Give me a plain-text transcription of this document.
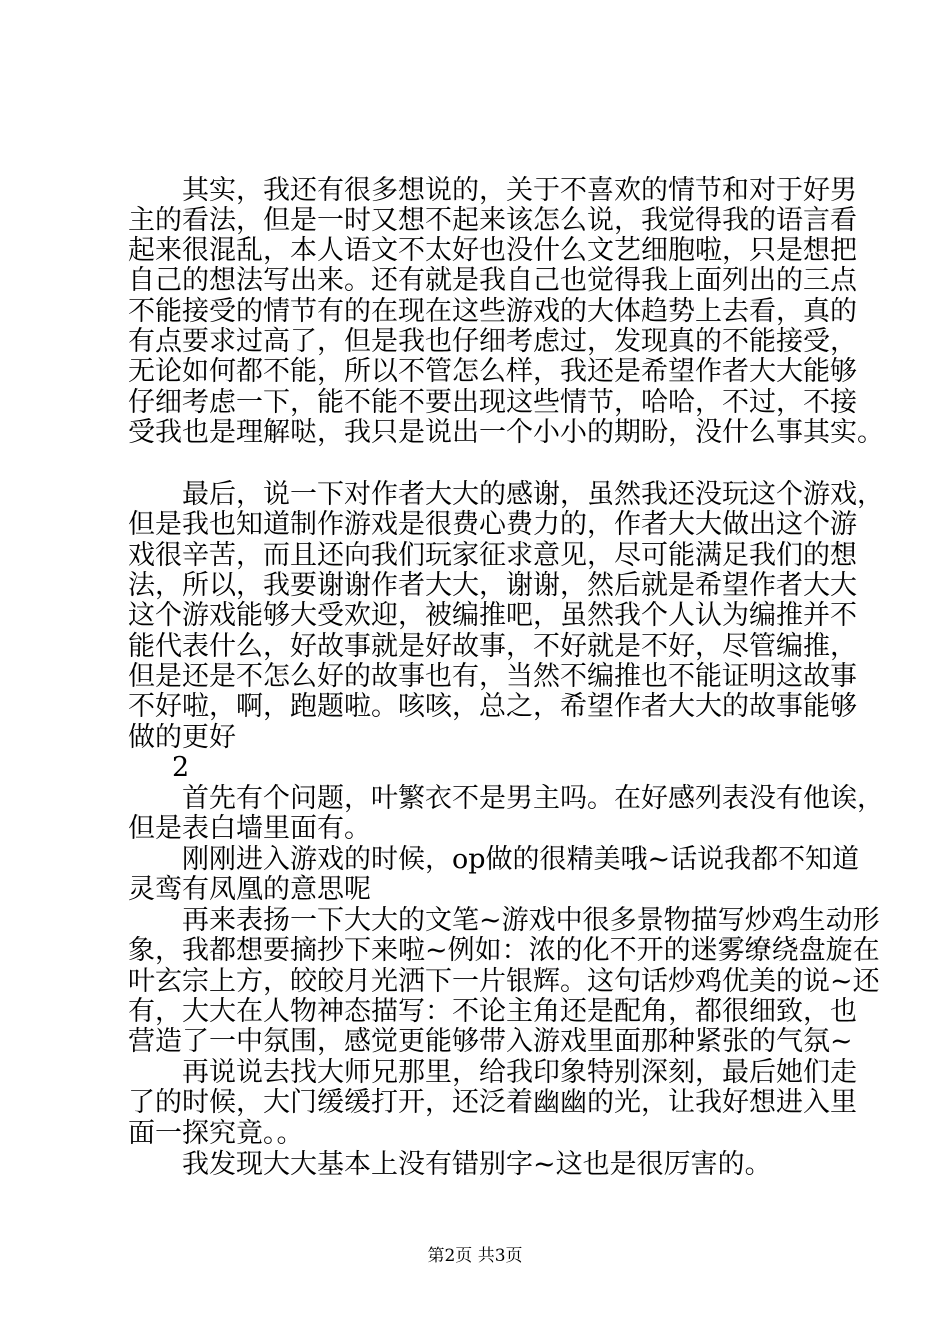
其实，我还有很多想说的，关于不喜欢的情节和对于好男
主的看法，但是一时又想不起来该怎么说，我觉得我的语言看
起来很混乱，本人语文不太好也没什么文艺细胞啦，只是想把
自己的想法写出来。还有就是我自己也觉得我上面列出的三点
不能接受的情节有的在现在这些游戏的大体趋势上去看，真的
有点要求过高了，但是我也仔细考虑过，发现真的不能接受，
无论如何都不能，所以不管怎么样，我还是希望作者大大能够
仔细考虑一下，能不能不要出现这些情节，哈哈，不过，不接
受我也是理解哒，我只是说出一个小小的期盼，没什么事其实。
最后，说一下对作者大大的感谢，虽然我还没玩这个游戏，
但是我也知道制作游戏是很费心费力的，作者大大做出这个游
戏很辛苦，而且还向我们玩家征求意见，尽可能满足我们的想
法，所以，我要谢谢作者大大，谢谢，然后就是希望作者大大
这个游戏能够大受欢迎，被编推吧，虽然我个人认为编推并不
能代表什么，好故事就是好故事，不好就是不好，尽管编推，
但是还是不怎么好的故事也有，当然不编推也不能证明这故事
不好啦，啊，跑题啦。咳咳，总之，希望作者大大的故事能够
做的更好
2
首先有个问题，叶繁衣不是男主吗。在好感列表没有他诶，
但是表白墙里面有。
刚刚进入游戏的时候，op做的很精美哦~话说我都不知道
灵鸾有凤凰的意思呢
再来表扬一下大大的文笔~游戏中很多景物描写炒鸡生动形
象，我都想要摘抄下来啦~例如：浓的化不开的迷雾缭绕盘旋在
叶玄宗上方，皎皎月光洒下一片银辉。这句话炒鸡优美的说~还
有，大大在人物神态描写：不论主角还是配角，都很细致，也
营造了一中氛围，感觉更能够带入游戏里面那种紧张的气氛~
再说说去找大师兄那里，给我印象特别深刻，最后她们走
了的时候，大门缓缓打开，还泛着幽幽的光，让我好想进入里
面一探究竟。。
我发现大大基本上没有错别字~这也是很厉害的。
第2页 共3页
